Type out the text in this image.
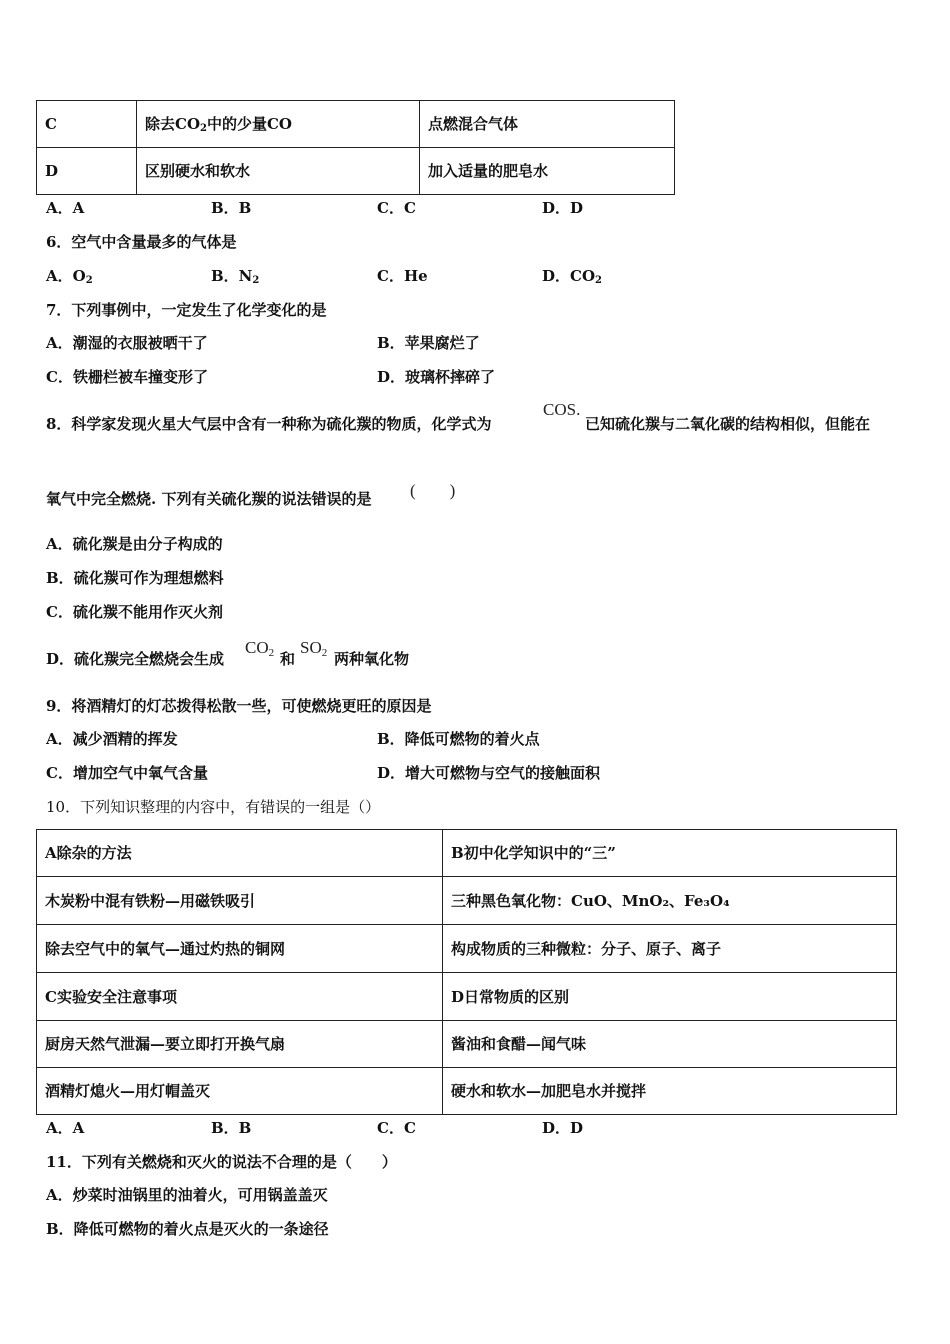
C	除去$CO_2$中的少量CO	点燃混合气体
D	区别硬水和软水	加入适量的肥皂水
A．A	B．B	C．C	D．D
6．空气中含量最多的气体是
A．$O_2$	B．$N_2$	C．He	D．$CO_2$
7．下列事例中，一定发生了化学变化的是
A．潮湿的衣服被晒干了	B．苹果腐烂了
C．铁栅栏被车撞变形了	D．玻璃杯摔碎了
8．科学家发现火星大气层中含有一种称为硫化羰的物质，化学式为
COS.
已知硫化羰与二氧化碳的结构相似，但能在
氧气中完全燃烧. 下列有关硫化羰的说法错误的是 (　　)
A．硫化羰是由分子构成的
B．硫化羰可作为理想燃料
C．硫化羰不能用作灭火剂
D．硫化羰完全燃烧会生成
$CO_2$ 和
$SO_2$ 两种氧化物
9．将酒精灯的灯芯拨得松散一些，可使燃烧更旺的原因是
A．减少酒精的挥发	B．降低可燃物的着火点
C．增加空气中氧气含量	D．增大可燃物与空气的接触面积
10．下列知识整理的内容中，有错误的一组是（）
A除杂的方法	B初中化学知识中的“三”
木炭粉中混有铁粉—用磁铁吸引	三种黑色氧化物：CuO、MnO₂、Fe₃O₄
除去空气中的氧气—通过灼热的铜网	构成物质的三种微粒：分子、原子、离子
C实验安全注意事项	D日常物质的区别
厨房天然气泄漏—要立即打开换气扇	酱油和食醋—闻气味
酒精灯熄火—用灯帽盖灭	硬水和软水—加肥皂水并搅拌
A．A	B．B	C．C	D．D
11．下列有关燃烧和灭火的说法不合理的是（　　）
A．炒菜时油锅里的油着火，可用锅盖盖灭
B．降低可燃物的着火点是灭火的一条途径
